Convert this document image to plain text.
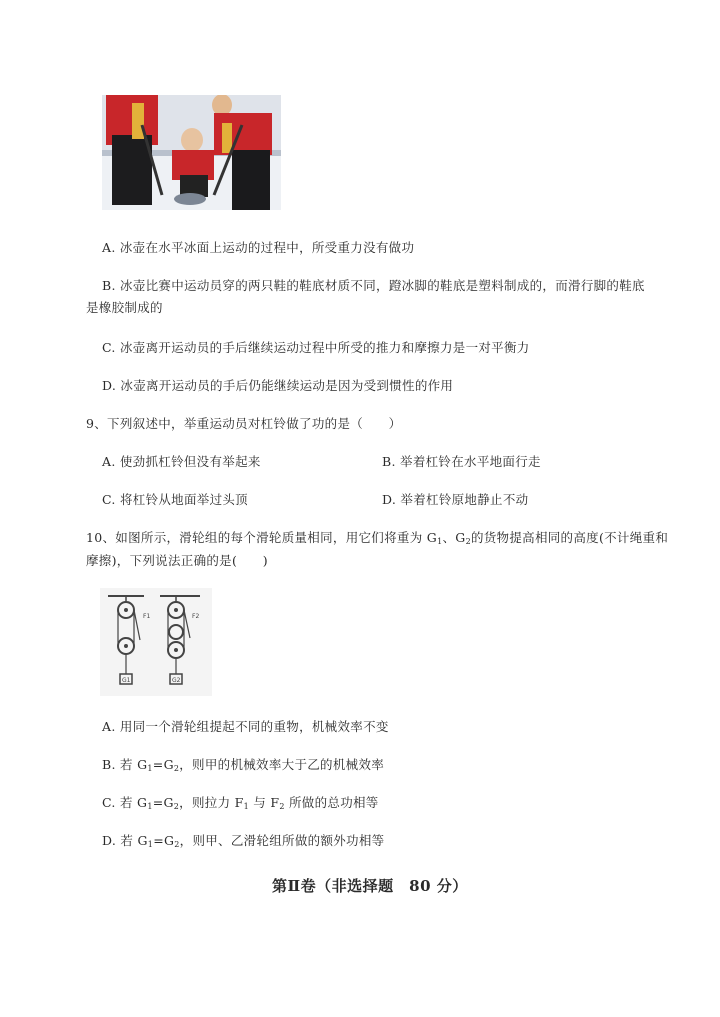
A. 冰壶在水平冰面上运动的过程中，所受重力没有做功
B. 冰壶比赛中运动员穿的两只鞋的鞋底材质不同，蹬冰脚的鞋底是塑料制成的，而滑行脚的鞋底
是橡胶制成的
C. 冰壶离开运动员的手后继续运动过程中所受的推力和摩擦力是一对平衡力
D. 冰壶离开运动员的手后仍能继续运动是因为受到惯性的作用
9、下列叙述中，举重运动员对杠铃做了功的是（　　）
A. 使劲抓杠铃但没有举起来	B. 举着杠铃在水平地面行走
C. 将杠铃从地面举过头顶	D. 举着杠铃原地静止不动
10、如图所示，滑轮组的每个滑轮质量相同，用它们将重为 $G_1$、$G_2$的货物提高相同的高度(不计绳重和
摩擦)，下列说法正确的是(　　)
F1
G1
F2
G2
A. 用同一个滑轮组提起不同的重物，机械效率不变
B. 若 $G_1=G_2$，则甲的机械效率大于乙的机械效率
C. 若 $G_1=G_2$，则拉力 $F_1$ 与 $F_2$ 所做的总功相等
D. 若 $G_1=G_2$，则甲、乙滑轮组所做的额外功相等
第Ⅱ卷（非选择题　80 分）
